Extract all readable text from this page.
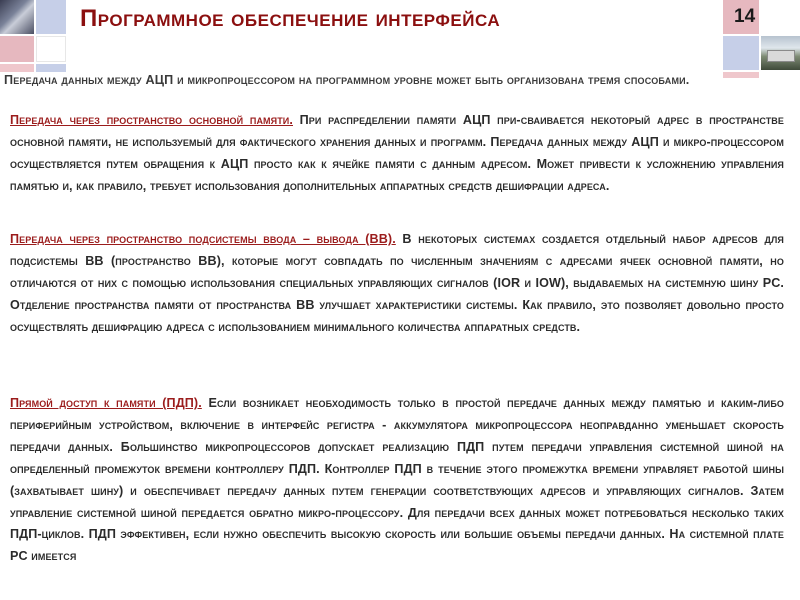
14
Программное обеспечение интерфейса

Передача данных между АЦП и микропроцессором на программном уровне может быть организована тремя способами.

Передача через пространство основной памяти. При распределении памяти АЦП при-сваивается некоторый адрес в пространстве основной памяти, не используемый для фактического хранения данных и программ. Передача данных между АЦП и микро-процессором осуществляется путем обращения к АЦП просто как к ячейке памяти с данным адресом. Может привести к усложнению управления памятью и, как правило, требует использования дополнительных аппаратных средств дешифрации адреса.

Передача через пространство подсистемы ввода – вывода (ВВ). В некоторых системах создается отдельный набор адресов для подсистемы ВВ (пространство ВВ), которые могут совпадать по численным значениям с адресами ячеек основной памяти, но отличаются от них с помощью использования специальных управляющих сигналов (IOR и IOW), выдаваемых на системную шину PC. Отделение пространства памяти от пространства ВВ улучшает характеристики системы. Как правило, это позволяет довольно просто осуществлять дешифрацию адреса с использованием минимального количества аппаратных средств.

Прямой доступ к памяти (ПДП). Если возникает необходимость только в простой передаче данных между памятью и каким-либо периферийным устройством, включение в интерфейс регистра - аккумулятора микропроцессора неоправданно уменьшает скорость передачи данных. Большинство микропроцессоров допускает реализацию ПДП путем передачи управления системной шиной на определенный промежуток времени контроллеру ПДП. Контроллер ПДП в течение этого промежутка времени управляет работой шины (захватывает шину) и обеспечивает передачу данных путем генерации соответствующих адресов и управляющих сигналов. Затем управление системной шиной передается обратно микро-процессору. Для передачи всех данных может потребоваться несколько таких ПДП-циклов. ПДП эффективен, если нужно обеспечить высокую скорость или большие объемы передачи данных. На системной плате PC имеется
